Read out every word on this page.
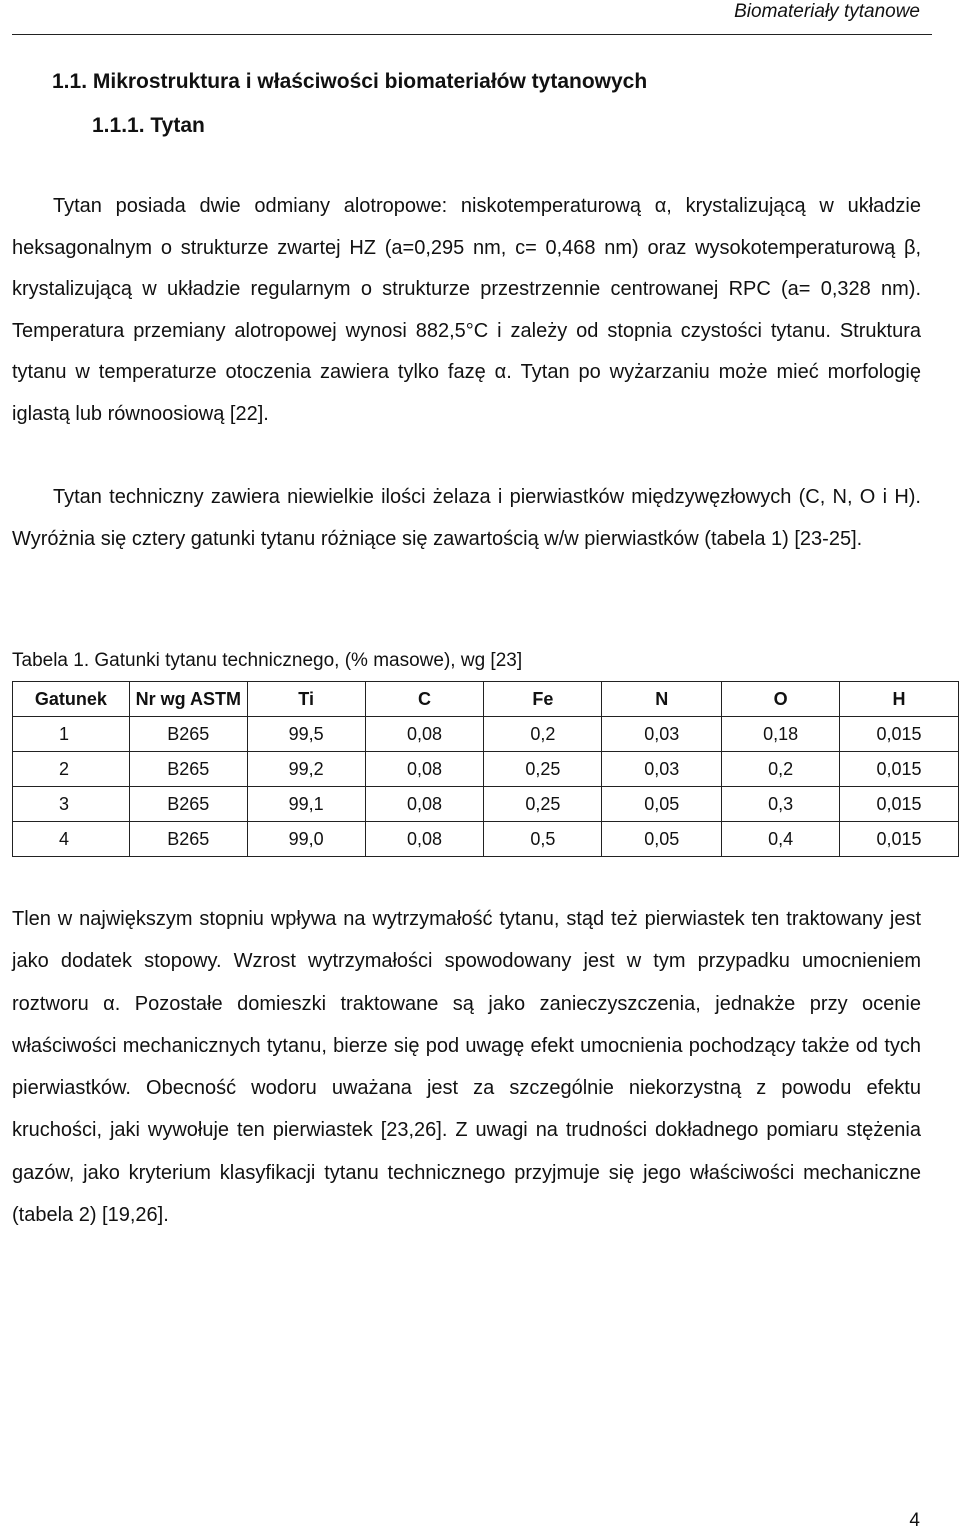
Biomateriały tytanowe
1.1. Mikrostruktura i właściwości biomateriałów tytanowych
1.1.1. Tytan

Tytan posiada dwie odmiany alotropowe: niskotemperaturową α, krystalizującą w układzie heksagonalnym o strukturze zwartej HZ (a=0,295 nm, c= 0,468 nm) oraz wysokotemperaturową β, krystalizującą w układzie regularnym o strukturze przestrzennie centrowanej RPC (a= 0,328 nm). Temperatura przemiany alotropowej wynosi 882,5°C i zależy od stopnia czystości tytanu. Struktura tytanu w temperaturze otoczenia zawiera tylko fazę α. Tytan po wyżarzaniu może mieć morfologię iglastą lub równoosiową [22].

Tytan techniczny zawiera niewielkie ilości żelaza i pierwiastków międzywęzłowych (C, N, O i H). Wyróżnia się cztery gatunki tytanu różniące się zawartością w/w pierwiastków (tabela 1) [23-25].

Tabela 1. Gatunki tytanu technicznego, (% masowe), wg [23]

Gatunek	Nr wg ASTM	Ti	C	Fe	N	O	H
1	B265	99,5	0,08	0,2	0,03	0,18	0,015
2	B265	99,2	0,08	0,25	0,03	0,2	0,015
3	B265	99,1	0,08	0,25	0,05	0,3	0,015
4	B265	99,0	0,08	0,5	0,05	0,4	0,015

Tlen w największym stopniu wpływa na wytrzymałość tytanu, stąd też pierwiastek ten traktowany jest jako dodatek stopowy. Wzrost wytrzymałości spowodowany jest w tym przypadku umocnieniem roztworu α. Pozostałe domieszki traktowane są jako zanieczyszczenia, jednakże przy ocenie właściwości mechanicznych tytanu, bierze się pod uwagę efekt umocnienia pochodzący także od tych pierwiastków. Obecność wodoru uważana jest za szczególnie niekorzystną z powodu efektu kruchości, jaki wywołuje ten pierwiastek [23,26]. Z uwagi na trudności dokładnego pomiaru stężenia gazów, jako kryterium klasyfikacji tytanu technicznego przyjmuje się jego właściwości mechaniczne (tabela 2) [19,26].

4
